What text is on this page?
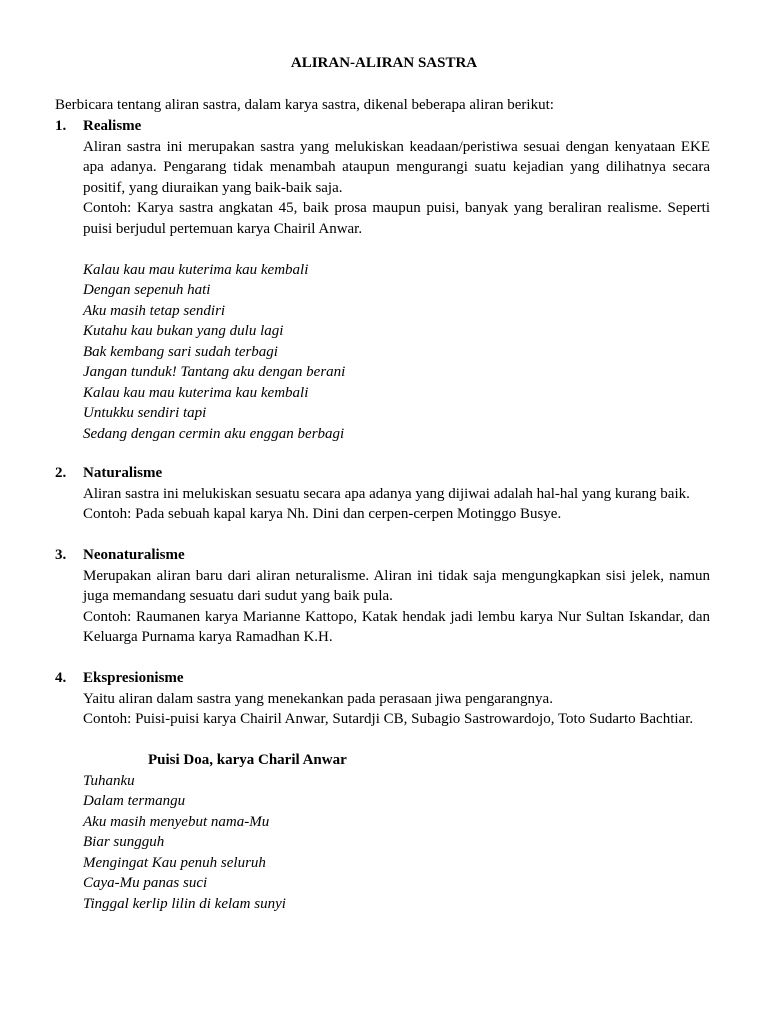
ALIRAN-ALIRAN SASTRA
Berbicara tentang aliran sastra, dalam karya sastra, dikenal beberapa aliran berikut:
1. Realisme

Aliran sastra ini merupakan sastra yang melukiskan keadaan/peristiwa sesuai dengan kenyataan EKE apa adanya. Pengarang tidak menambah ataupun mengurangi suatu kejadian yang dilihatnya secara positif, yang diuraikan yang baik-baik saja.

Contoh: Karya sastra angkatan 45, baik prosa maupun puisi, banyak yang beraliran realisme. Seperti puisi berjudul pertemuan karya Chairil Anwar.

Kalau kau mau kuterima kau kembali
Dengan sepenuh hati
Aku masih tetap sendiri
Kutahu kau bukan yang dulu lagi
Bak kembang sari sudah terbagi
Jangan tunduk! Tantang aku dengan berani
Kalau kau mau kuterima kau kembali
Untukku sendiri tapi
Sedang dengan cermin aku enggan berbagi
2. Naturalisme

Aliran sastra ini melukiskan sesuatu secara apa adanya yang dijiwai adalah hal-hal yang kurang baik.

Contoh: Pada sebuah kapal karya Nh. Dini dan cerpen-cerpen Motinggo Busye.

3. Neonaturalisme

Merupakan aliran baru dari aliran neturalisme. Aliran ini tidak saja mengungkapkan sisi jelek, namun juga memandang sesuatu dari sudut yang baik pula.

Contoh: Raumanen karya Marianne Kattopo, Katak hendak jadi lembu karya Nur Sultan Iskandar, dan Keluarga Purnama karya Ramadhan K.H.

4. Ekspresionisme

Yaitu aliran dalam sastra yang menekankan pada perasaan jiwa pengarangnya.

Contoh: Puisi-puisi karya Chairil Anwar, Sutardji CB, Subagio Sastrowardojo, Toto Sudarto Bachtiar.

Puisi Doa, karya Charil Anwar
Tuhanku
Dalam termangu
Aku masih menyebut nama-Mu
Biar sungguh
Mengingat Kau penuh seluruh
Caya-Mu panas suci
Tinggal kerlip lilin di kelam sunyi
